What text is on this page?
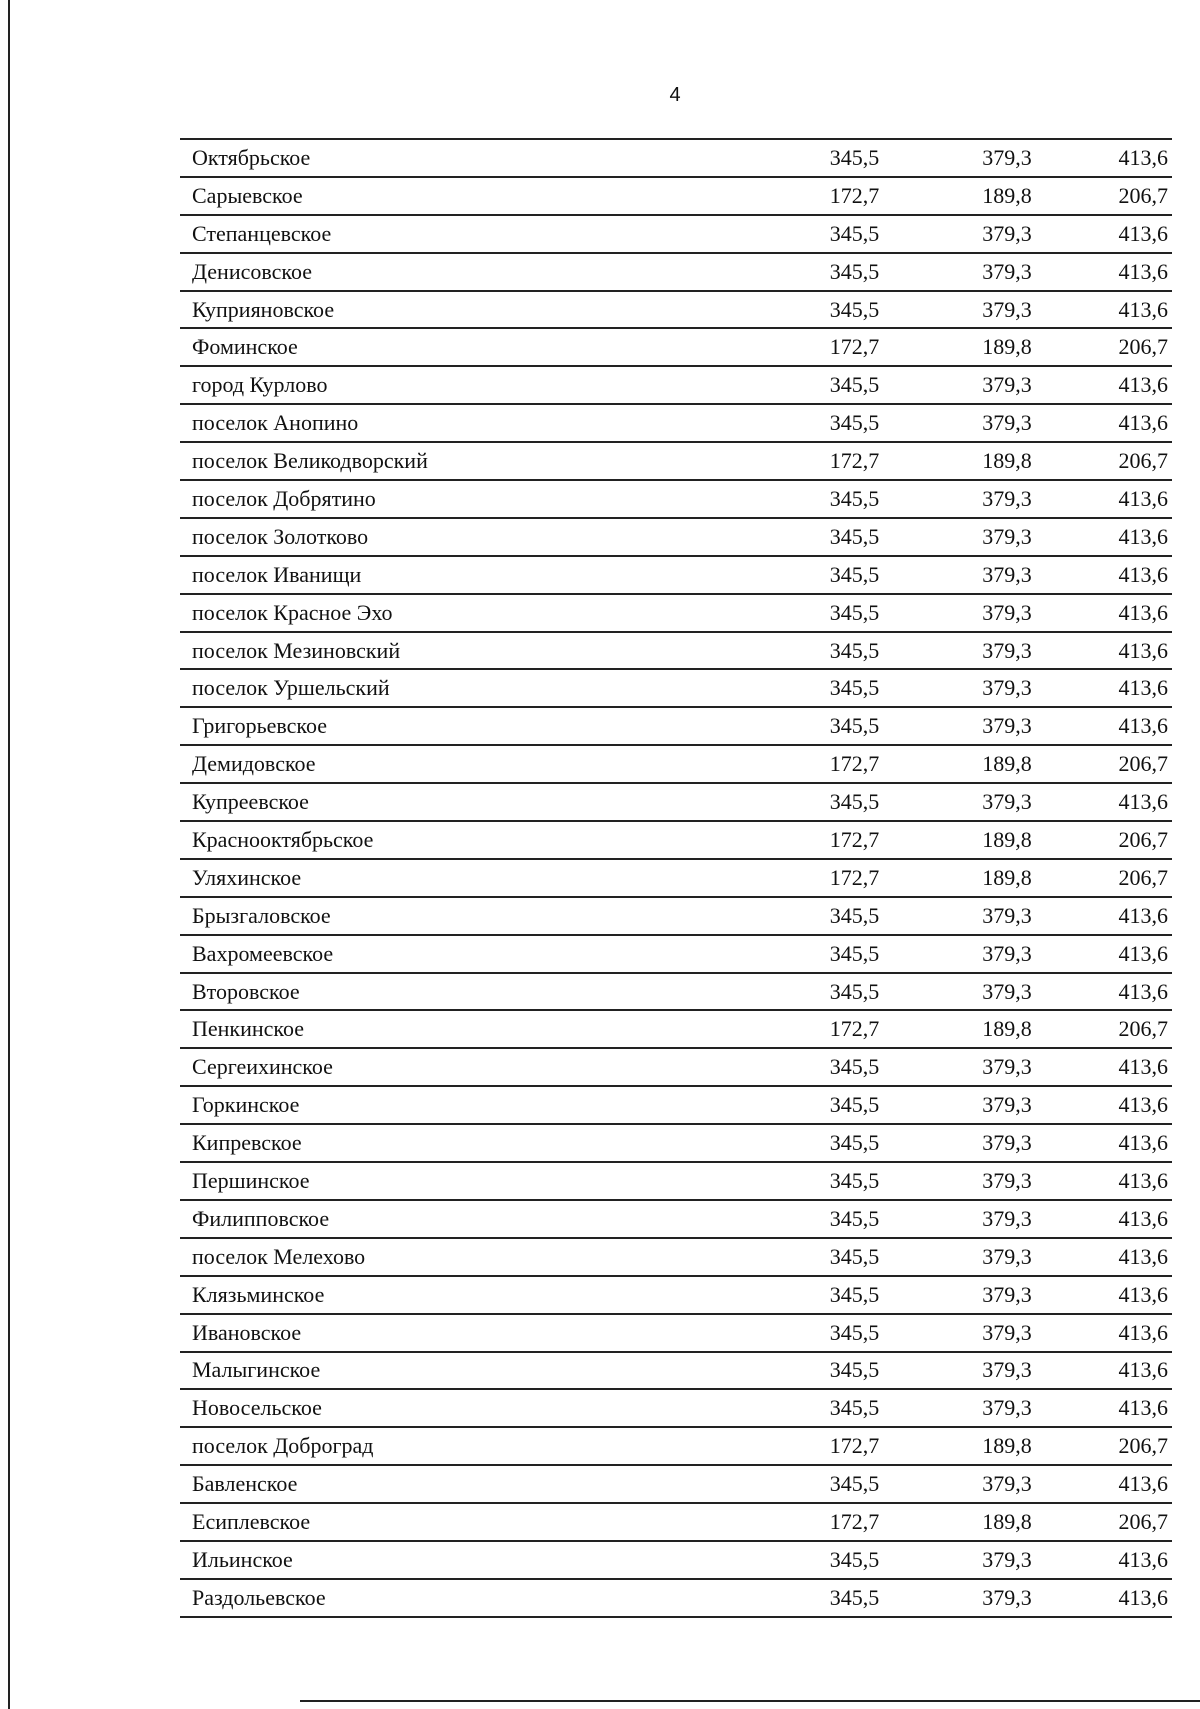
4
Октябрьское	345,5	379,3	413,6
Сарыевское	172,7	189,8	206,7
Степанцевское	345,5	379,3	413,6
Денисовское	345,5	379,3	413,6
Куприяновское	345,5	379,3	413,6
Фоминское	172,7	189,8	206,7
город Курлово	345,5	379,3	413,6
поселок Анопино	345,5	379,3	413,6
поселок Великодворский	172,7	189,8	206,7
поселок Добрятино	345,5	379,3	413,6
поселок Золотково	345,5	379,3	413,6
поселок Иванищи	345,5	379,3	413,6
поселок Красное Эхо	345,5	379,3	413,6
поселок Мезиновский	345,5	379,3	413,6
поселок Уршельский	345,5	379,3	413,6
Григорьевское	345,5	379,3	413,6
Демидовское	172,7	189,8	206,7
Купреевское	345,5	379,3	413,6
Краснооктябрьское	172,7	189,8	206,7
Уляхинское	172,7	189,8	206,7
Брызгаловское	345,5	379,3	413,6
Вахромеевское	345,5	379,3	413,6
Второвское	345,5	379,3	413,6
Пенкинское	172,7	189,8	206,7
Сергеихинское	345,5	379,3	413,6
Горкинское	345,5	379,3	413,6
Кипревское	345,5	379,3	413,6
Першинское	345,5	379,3	413,6
Филипповское	345,5	379,3	413,6
поселок Мелехово	345,5	379,3	413,6
Клязьминское	345,5	379,3	413,6
Ивановское	345,5	379,3	413,6
Малыгинское	345,5	379,3	413,6
Новосельское	345,5	379,3	413,6
поселок Доброград	172,7	189,8	206,7
Бавленское	345,5	379,3	413,6
Есиплевское	172,7	189,8	206,7
Ильинское	345,5	379,3	413,6
Раздольевское	345,5	379,3	413,6
